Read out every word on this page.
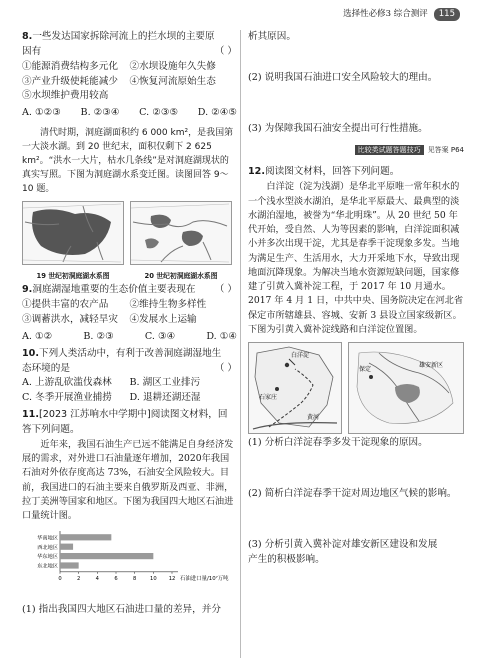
选择性必修3 综合测评	115

8.一些发达国家拆除河流上的拦水坝的主要原

因有	（ ）

①能源消费结构多元化	②水坝设施年久失修
③产业升级使耗能减少	④恢复河流原始生态
⑤水坝维护费用较高
A. ①②③ B. ②③④ C. ②③⑤ D. ②④⑤

清代时期，洞庭湖面积约 6 000 km²，是我国第一大淡水湖。到 20 世纪末，面积仅剩下 2 625 km²。“洪水一大片，枯水几条线”是对洞庭湖现状的真实写照。下图为洞庭湖水系变迁图。读图回答 9～10 题。

19 世纪初洞庭湖水系图	20 世纪初洞庭湖水系图

9.洞庭湖湿地重要的生态价值主要表现在 （ ）

①提供丰富的农产品	②维持生物多样性
③调蓄洪水，减轻旱灾	④发展水上运输
A. ①②	B. ②③	C. ③④	D. ①④

10.下列人类活动中，有利于改善洞庭湖湿地生

态环境的是	（ ）

A. 上游乱砍滥伐森林	B. 湖区工业排污
C. 冬季开展渔业捕捞	D. 退耕还湖还湿

11.[2023 江苏响水中学期中]阅读图文材料，回答下列问题。

近年来，我国石油生产已远不能满足自身经济发展的需求，对外进口石油量逐年增加，2020年我国石油对外依存度高达 73%，石油安全风险较大。目前，我国进口的石油主要来自俄罗斯及西亚、非洲，拉丁美洲等国家和地区。下图为我国四大地区石油进口量统计图。

华南地区
西北地区
华东地区
东北地区
0	2	4	6	8	10 12 石油进口量/10⁷万吨

(1) 指出我国四大地区石油进口量的差异，并分

析其原因。

(2) 说明我国石油进口安全风险较大的理由。

(3) 为保障我国石油安全提出可行性措施。

比较类试题答题技巧 见答案 P64

12.阅读图文材料，回答下列问题。

白洋淀（淀为浅湖）是华北平原唯一常年积水的一个浅水型淡水湖泊，是华北平原最大、最典型的淡水湖泊湿地，被誉为“华北明珠”。从 20 世纪 50 年代开始，受自然、人为等因素的影响，白洋淀面积减小并多次出现干淀，尤其是春季干淀现象多发。当地为满足生产、生活用水，大力开采地下水，导致出现地面沉降现象。为解决当地水资源短缺问题，国家修建了引黄入冀补淀工程，于 2017 年 10 月通水。2017 年 4 月 1 日，中共中央、国务院决定在河北省保定市所辖雄县、容城、安新 3 县设立国家级新区。下图为引黄入冀补淀线路和白洋淀位置图。

白洋淀
石家庄
黄河
保定
雄安新区

(1) 分析白洋淀春季多发干淀现象的原因。

(2) 简析白洋淀春季干淀对周边地区气候的影响。

(3) 分析引黄入冀补淀对雄安新区建设和发展

产生的积极影响。
